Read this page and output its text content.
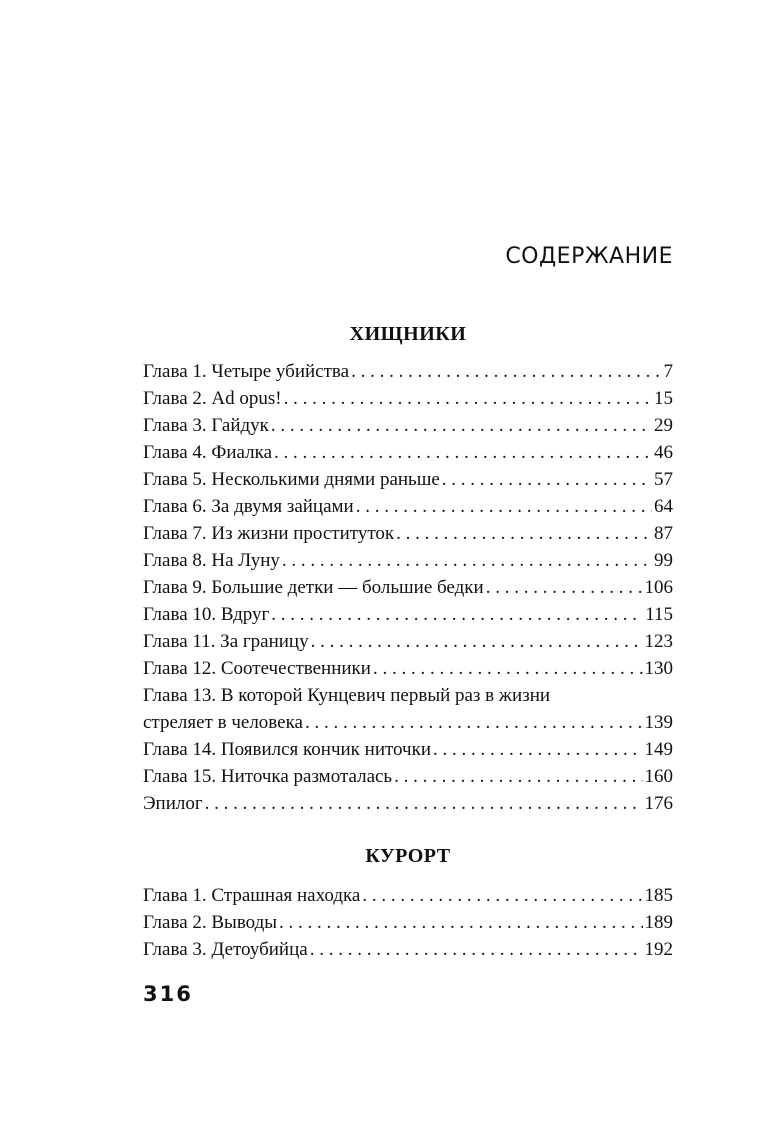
СОДЕРЖАНИЕ
ХИЩНИКИ
Глава 1. Четыре убийства . . .	7
Глава 2. Ad opus! . . .	15
Глава 3. Гайдук . . .	29
Глава 4. Фиалка . . .	46
Глава 5. Несколькими днями раньше . . .	57
Глава 6. За двумя зайцами . . .	64
Глава 7. Из жизни проституток . . .	87
Глава 8. На Луну . . .	99
Глава 9. Большие детки — большие бедки . . .	106
Глава 10. Вдруг . . .	115
Глава 11. За границу . . .	123
Глава 12. Соотечественники . . .	130
Глава 13. В которой Кунцевич первый раз в жизни
стреляет в человека . . .	139
Глава 14. Появился кончик ниточки . . .	149
Глава 15. Ниточка размоталась . . .	160
Эпилог . . .	176
КУРОРТ
Глава 1. Страшная находка . . .	185
Глава 2. Выводы . . .	189
Глава 3. Детоубийца . . .	192
316
